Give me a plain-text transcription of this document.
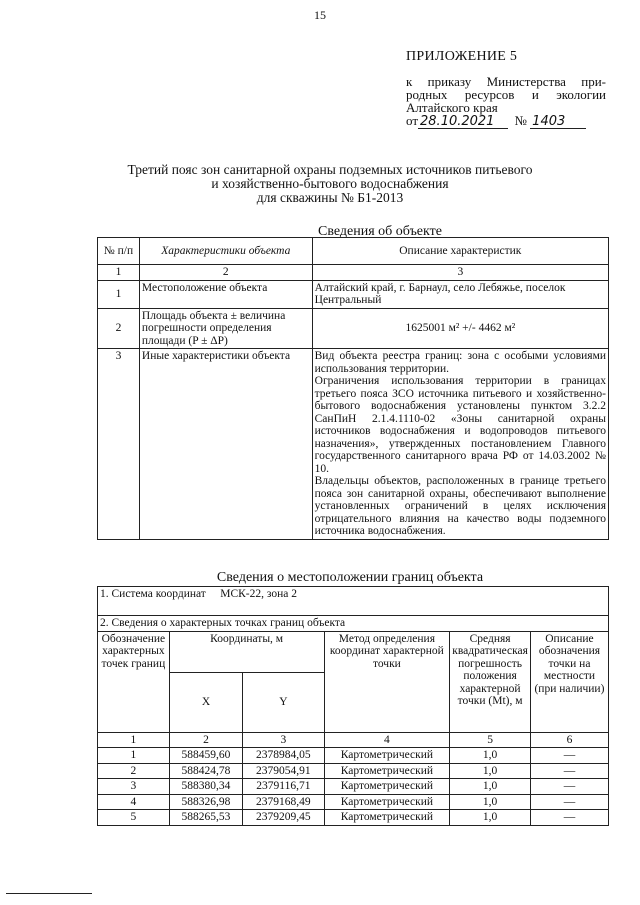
15
ПРИЛОЖЕНИЕ 5
к приказу Министерства при-
родных ресурсов и экологии
Алтайского края
от 28.10.2021 № 1403
Третий пояс зон санитарной охраны подземных источников питьевого
и хозяйственно-бытового водоснабжения
для скважины № Б1-2013
Сведения об объекте
№ п/п	Характеристики объекта	Описание характеристик
1	2	3
1	Местоположение объекта	Алтайский край, г. Барнаул, село Лебяжье, поселок Центральный
2	Площадь объекта ± величина погрешности определения площади (P ± ΔP)	1625001 м² +/- 4462 м²
3	Иные характеристики объекта	Вид объекта реестра границ: зона с особыми условиями использования территории.
Ограничения использования территории в границах третьего пояса ЗСО источника питьевого и хозяйственно-бытового водоснабжения установлены пунктом 3.2.2 СанПиН 2.1.4.1110-02 «Зоны санитарной охраны источников водоснабжения и водопроводов питьевого назначения», утвержденных постановлением Главного государственного санитарного врача РФ от 14.03.2002 № 10.
Владельцы объектов, расположенных в границе третьего пояса зон санитарной охраны, обеспечивают выполнение установленных ограничений в целях исключения отрицательного влияния на качество воды подземного источника водоснабжения.
Сведения о местоположении границ объекта
1. Система координат МСК-22, зона 2					

2. Сведения о характерных точках границ объекта					
Обозначение характерных точек границ	Координаты, м		Метод определения координат характерной точки	Средняя квадратическая погрешность положения характерной точки (Mt), м	Описание обозначения точки на местности (при наличии)
	X	Y			
1	2	3	4	5	6
1	588459,60	2378984,05	Картометрический	1,0	—
2	588424,78	2379054,91	Картометрический	1,0	—
3	588380,34	2379116,71	Картометрический	1,0	—
4	588326,98	2379168,49	Картометрический	1,0	—
5	588265,53	2379209,45	Картометрический	1,0	—
